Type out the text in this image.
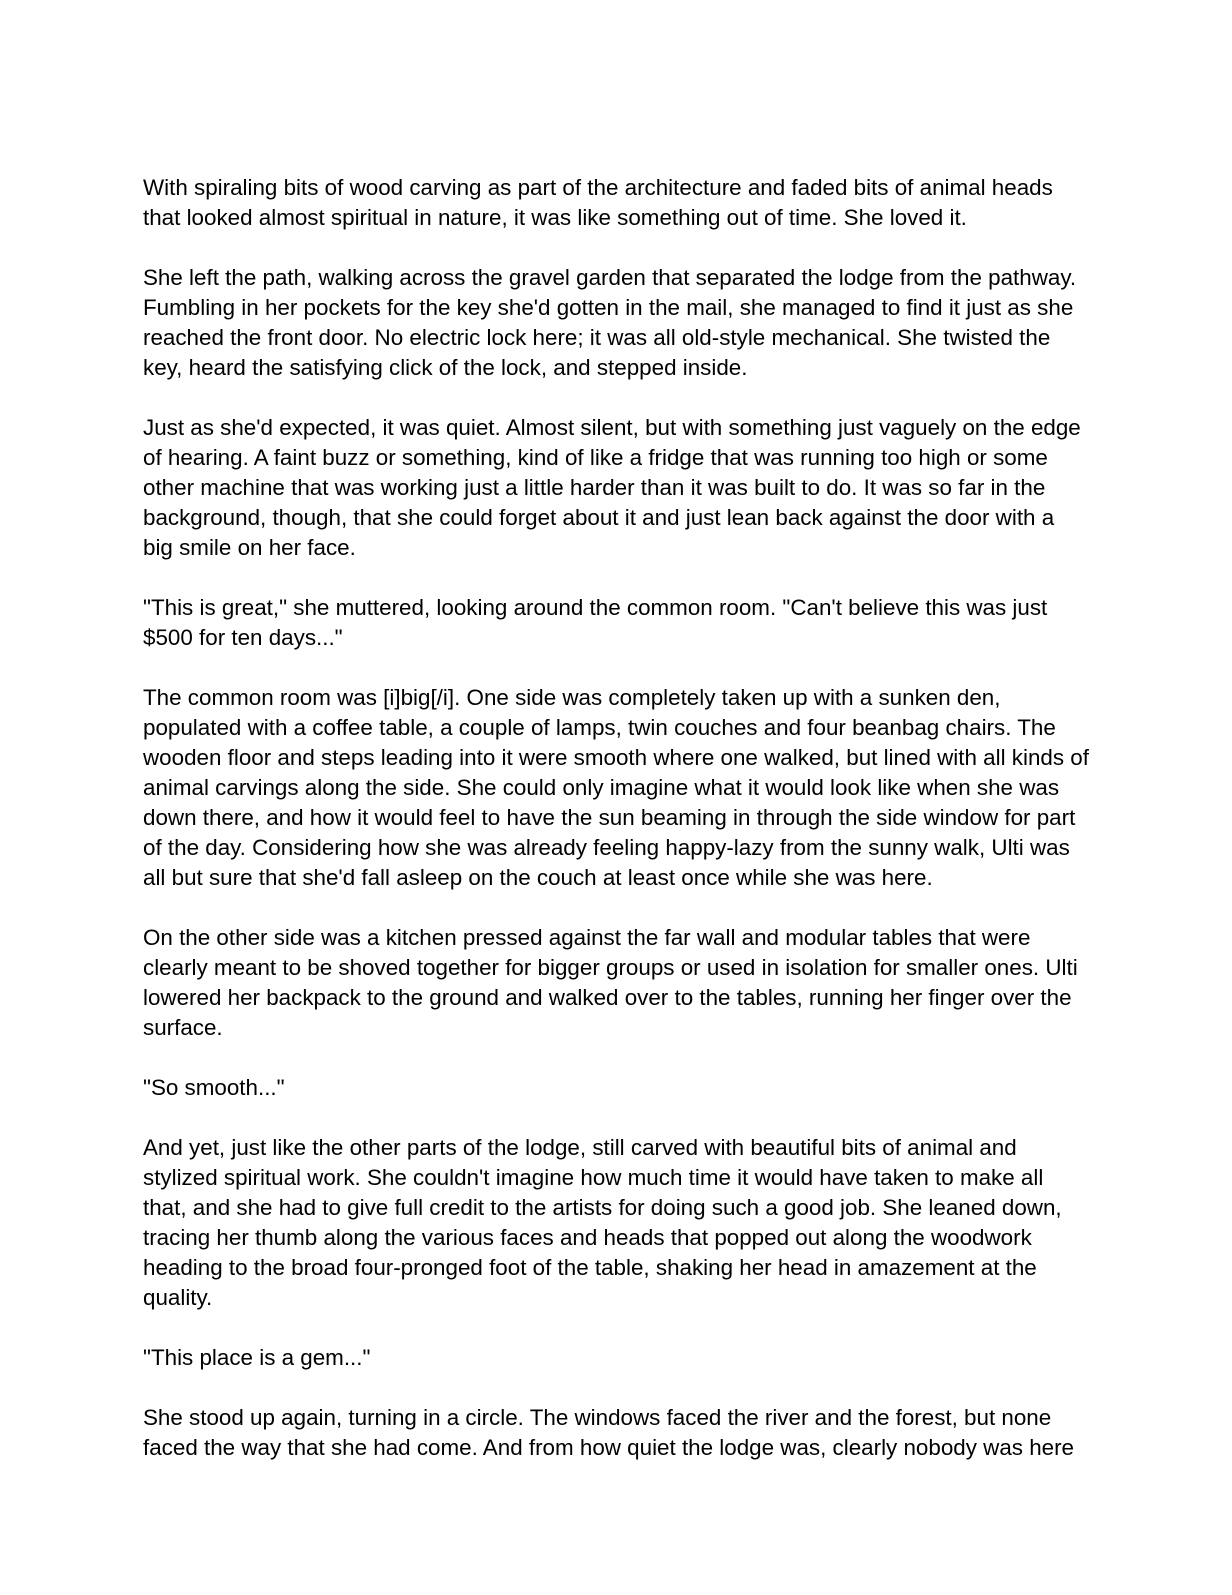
With spiraling bits of wood carving as part of the architecture and faded bits of animal heads that looked almost spiritual in nature, it was like something out of time. She loved it.

She left the path, walking across the gravel garden that separated the lodge from the pathway. Fumbling in her pockets for the key she'd gotten in the mail, she managed to find it just as she reached the front door. No electric lock here; it was all old-style mechanical. She twisted the key, heard the satisfying click of the lock, and stepped inside.

Just as she'd expected, it was quiet. Almost silent, but with something just vaguely on the edge of hearing. A faint buzz or something, kind of like a fridge that was running too high or some other machine that was working just a little harder than it was built to do. It was so far in the background, though, that she could forget about it and just lean back against the door with a big smile on her face.

"This is great," she muttered, looking around the common room. "Can't believe this was just $500 for ten days..."

The common room was [i]big[/i]. One side was completely taken up with a sunken den, populated with a coffee table, a couple of lamps, twin couches and four beanbag chairs. The wooden floor and steps leading into it were smooth where one walked, but lined with all kinds of animal carvings along the side. She could only imagine what it would look like when she was down there, and how it would feel to have the sun beaming in through the side window for part of the day. Considering how she was already feeling happy-lazy from the sunny walk, Ulti was all but sure that she'd fall asleep on the couch at least once while she was here.

On the other side was a kitchen pressed against the far wall and modular tables that were clearly meant to be shoved together for bigger groups or used in isolation for smaller ones. Ulti lowered her backpack to the ground and walked over to the tables, running her finger over the surface.

"So smooth..."

And yet, just like the other parts of the lodge, still carved with beautiful bits of animal and stylized spiritual work. She couldn't imagine how much time it would have taken to make all that, and she had to give full credit to the artists for doing such a good job. She leaned down, tracing her thumb along the various faces and heads that popped out along the woodwork heading to the broad four-pronged foot of the table, shaking her head in amazement at the quality.

"This place is a gem..."

She stood up again, turning in a circle. The windows faced the river and the forest, but none faced the way that she had come. And from how quiet the lodge was, clearly nobody was here
